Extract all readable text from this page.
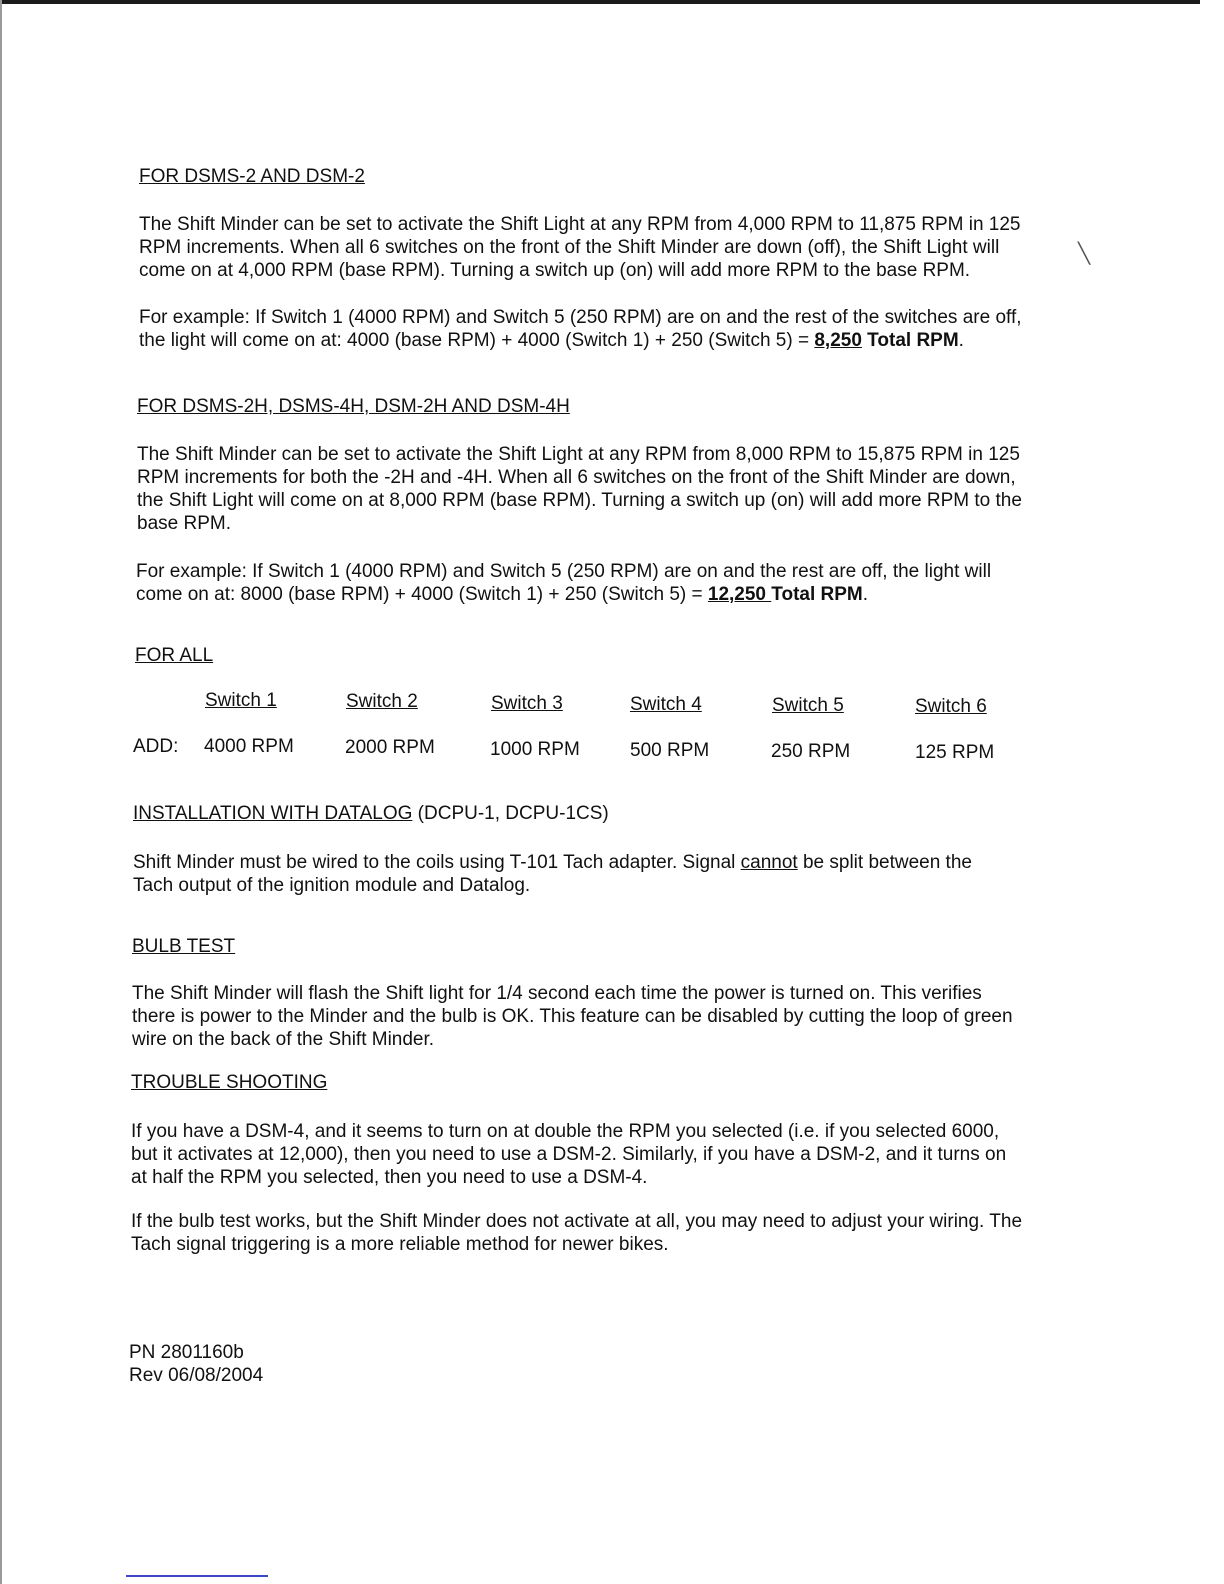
╲
FOR DSMS-2 AND DSM-2
The Shift Minder can be set to activate the Shift Light at any RPM from 4,000 RPM to 11,875 RPM in 125
RPM increments. When all 6 switches on the front of the Shift Minder are down (off), the Shift Light will
come on at 4,000 RPM (base RPM). Turning a switch up (on) will add more RPM to the base RPM.
For example: If Switch 1 (4000 RPM) and Switch 5 (250 RPM) are on and the rest of the switches are off,
the light will come on at: 4000 (base RPM) + 4000 (Switch 1) + 250 (Switch 5) = 8,250 Total RPM.
FOR DSMS-2H, DSMS-4H, DSM-2H AND DSM-4H
The Shift Minder can be set to activate the Shift Light at any RPM from 8,000 RPM to 15,875 RPM in 125
RPM increments for both the -2H and -4H. When all 6 switches on the front of the Shift Minder are down,
the Shift Light will come on at 8,000 RPM (base RPM). Turning a switch up (on) will add more RPM to the
base RPM.
For example: If Switch 1 (4000 RPM) and Switch 5 (250 RPM) are on and the rest are off, the light will
come on at: 8000 (base RPM) + 4000 (Switch 1) + 250 (Switch 5) = 12,250 Total RPM.
FOR ALL
Switch 1	Switch 2	Switch 3	Switch 4	Switch 5	Switch 6
ADD: 4000 RPM	2000 RPM	1000 RPM	500 RPM	250 RPM	125 RPM
INSTALLATION WITH DATALOG (DCPU-1, DCPU-1CS)
Shift Minder must be wired to the coils using T-101 Tach adapter. Signal cannot be split between the
Tach output of the ignition module and Datalog.
BULB TEST
The Shift Minder will flash the Shift light for 1/4 second each time the power is turned on. This verifies
there is power to the Minder and the bulb is OK. This feature can be disabled by cutting the loop of green
wire on the back of the Shift Minder.
TROUBLE SHOOTING
If you have a DSM-4, and it seems to turn on at double the RPM you selected (i.e. if you selected 6000,
but it activates at 12,000), then you need to use a DSM-2. Similarly, if you have a DSM-2, and it turns on
at half the RPM you selected, then you need to use a DSM-4.
If the bulb test works, but the Shift Minder does not activate at all, you may need to adjust your wiring. The
Tach signal triggering is a more reliable method for newer bikes.
PN 2801160b
Rev 06/08/2004
